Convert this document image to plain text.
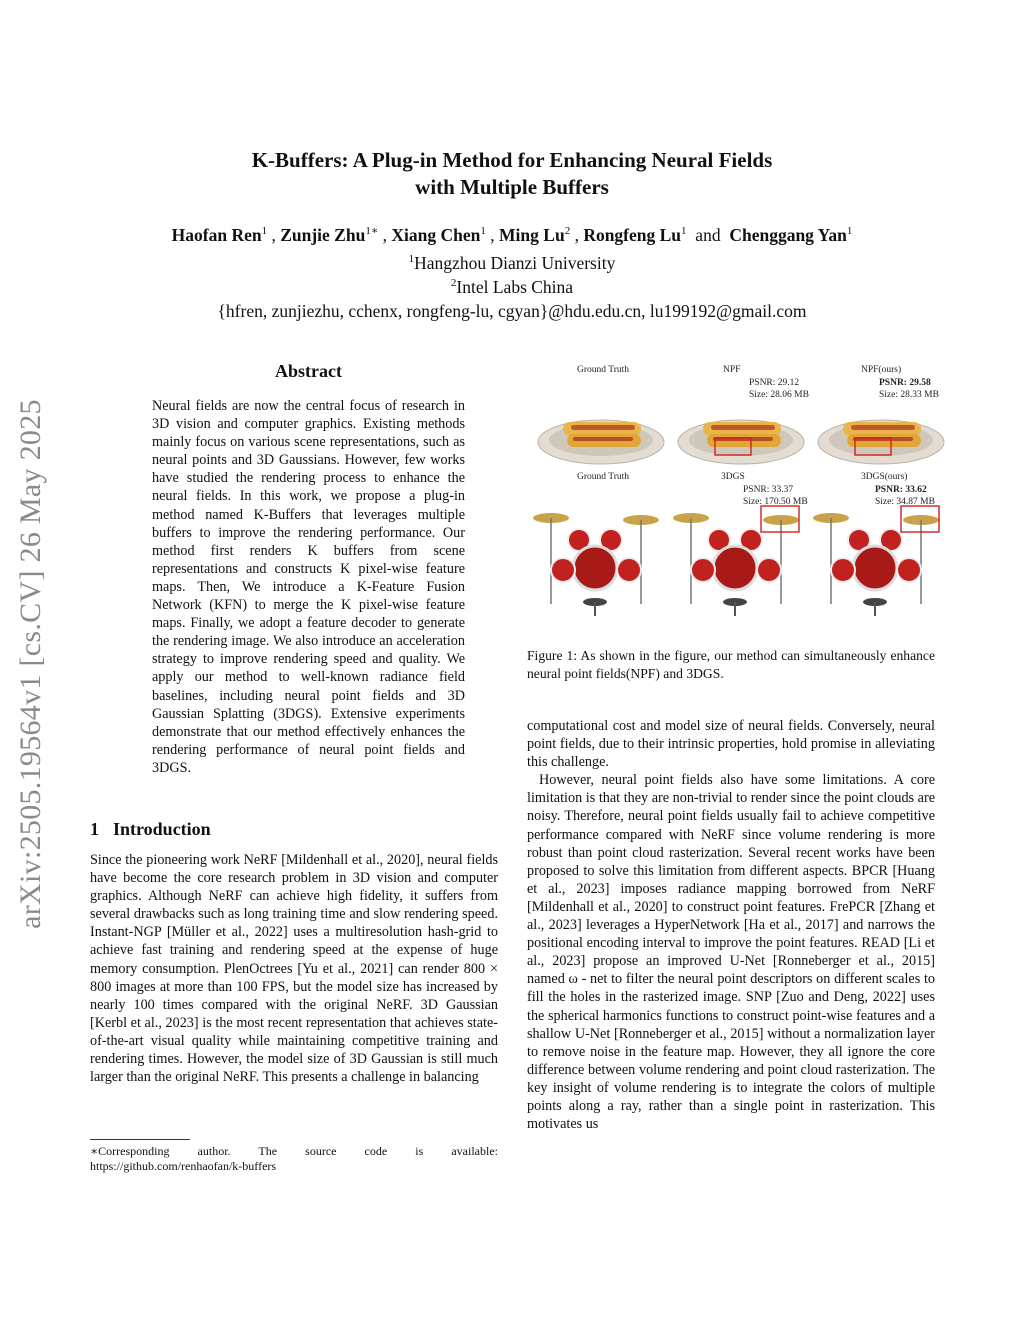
arXiv:2505.19564v1 [cs.CV] 26 May 2025
K-Buffers: A Plug-in Method for Enhancing Neural Fields
with Multiple Buffers
Haofan Ren$^1$ , Zunjie Zhu$^{1∗}$ , Xiang Chen$^1$ , Ming Lu$^2$ , Rongfeng Lu$^1$  and  Chenggang Yan$^1$
$^1$Hangzhou Dianzi University
$^2$Intel Labs China
{hfren, zunjiezhu, cchenx, rongfeng-lu, cgyan}@hdu.edu.cn, lu199192@gmail.com
Abstract
Neural fields are now the central focus of research in 3D vision and computer graphics. Existing methods mainly focus on various scene representations, such as neural points and 3D Gaussians. However, few works have studied the rendering process to enhance the neural fields. In this work, we propose a plug-in method named K-Buffers that leverages multiple buffers to improve the rendering performance. Our method first renders K buffers from scene representations and constructs K pixel-wise feature maps. Then, We introduce a K-Feature Fusion Network (KFN) to merge the K pixel-wise feature maps. Finally, we adopt a feature decoder to generate the rendering image. We also introduce an acceleration strategy to improve rendering speed and quality. We apply our method to well-known radiance field baselines, including neural point fields and 3D Gaussian Splatting (3DGS). Extensive experiments demonstrate that our method effectively enhances the rendering performance of neural point fields and 3DGS.
1 Introduction

Since the pioneering work NeRF [Mildenhall et al., 2020], neural fields have become the core research problem in 3D vision and computer graphics. Although NeRF can achieve high fidelity, it suffers from several drawbacks such as long training time and slow rendering speed. Instant-NGP [Müller et al., 2022] uses a multiresolution hash-grid to achieve fast training and rendering speed at the expense of huge memory consumption. PlenOctrees [Yu et al., 2021] can render 800 × 800 images at more than 100 FPS, but the model size has increased by nearly 100 times compared with the original NeRF. 3D Gaussian [Kerbl et al., 2023] is the most recent representation that achieves state-of-the-art visual quality while maintaining competitive training and rendering times. However, the model size of 3D Gaussian is still much larger than the original NeRF. This presents a challenge in balancing

∗Corresponding author. The source code is available: https://github.com/renhaofan/k-buffers
Ground Truth	NPF	NPF(ours)
PSNR: 29.12
Size: 28.06 MB
PSNR: 29.58
Size: 28.33 MB
Ground Truth	3DGS	3DGS(ours)
PSNR: 33.37
Size: 170.50 MB
PSNR: 33.62
Size: 34.87 MB
Figure 1: As shown in the figure, our method can simultaneously enhance neural point fields(NPF) and 3DGS.

computational cost and model size of neural fields. Conversely, neural point fields, due to their intrinsic properties, hold promise in alleviating this challenge.

However, neural point fields also have some limitations. A core limitation is that they are non-trivial to render since the point clouds are noisy. Therefore, neural point fields usually fail to achieve competitive performance compared with NeRF since volume rendering is more robust than point cloud rasterization. Several recent works have been proposed to solve this limitation from different aspects. BPCR [Huang et al., 2023] imposes radiance mapping borrowed from NeRF [Mildenhall et al., 2020] to construct point features. FrePCR [Zhang et al., 2023] leverages a HyperNetwork [Ha et al., 2017] and narrows the positional encoding interval to improve the point features. READ [Li et al., 2023] propose an improved U-Net [Ronneberger et al., 2015] named ω - net to filter the neural point descriptors on different scales to fill the holes in the rasterized image. SNP [Zuo and Deng, 2022] uses the spherical harmonics functions to construct point-wise features and a shallow U-Net [Ronneberger et al., 2015] without a normalization layer to remove noise in the feature map. However, they all ignore the core difference between volume rendering and point cloud rasterization. The key insight of volume rendering is to integrate the colors of multiple points along a ray, rather than a single point in rasterization. This motivates us
